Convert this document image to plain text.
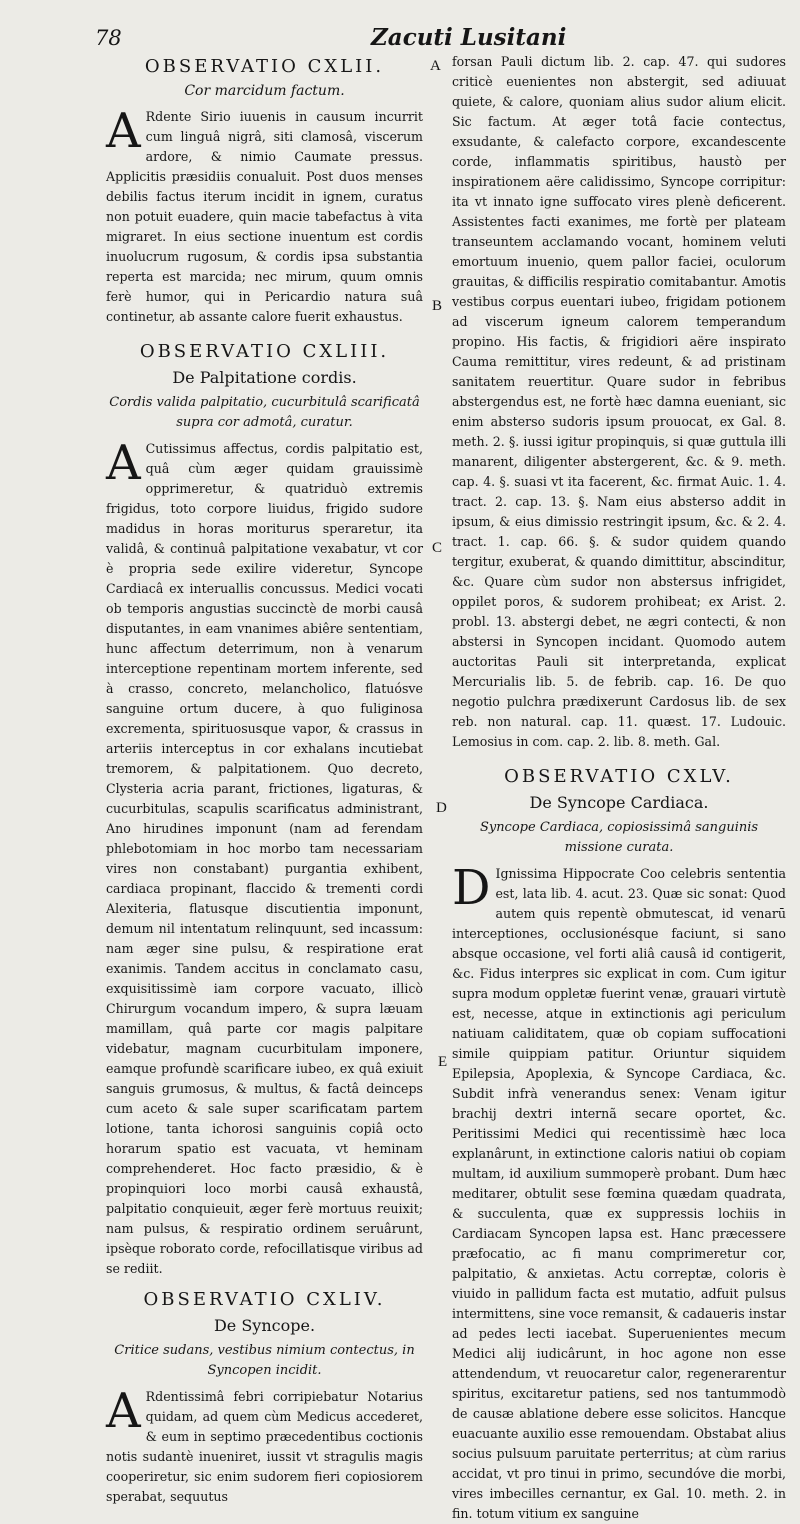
78	Zacuti Lusitani
A
B
C
D
E
OBSERVATIO CXLII.
Cor marcidum factum.

A Rdente Sirio iuuenis in causum incurrit cum linguâ nigrâ, siti clamosâ, viscerum ardore, & nimio Caumate pressus. Applicitis præsidiis conualuit. Post duos menses debilis factus iterum incidit in ignem, curatus non potuit euadere, quin macie tabefactus à vita migraret. In eius sectione inuentum est cordis inuolucrum rugosum, & cordis ipsa substantia reperta est marcida; nec mirum, quum omnis ferè humor, qui in Pericardio natura suâ continetur, ab assante calore fuerit exhaustus.

OBSERVATIO CXLIII.
De Palpitatione cordis.
Cordis valida palpitatio, cucurbitulâ scarificatâ supra cor admotâ, curatur.

A Cutissimus affectus, cordis palpitatio est, quâ cùm æger quidam grauissimè opprimeretur, & quatriduò extremis frigidus, toto corpore liuidus, frigido sudore madidus in horas moriturus speraretur, ita validâ, & continuâ palpitatione vexabatur, vt cor è propria sede exilire videretur, Syncope Cardiacâ ex interuallis concussus. Medici vocati ob temporis angustias succinctè de morbi causâ disputantes, in eam vnanimes abiêre sententiam, hunc affectum deterrimum, non à venarum interceptione repentinam mortem inferente, sed à crasso, concreto, melancholico, flatuósve sanguine ortum ducere, à quo fuliginosa excrementa, spirituosusque vapor, & crassus in arteriis interceptus in cor exhalans incutiebat tremorem, & palpitationem. Quo decreto, Clysteria acria parant, frictiones, ligaturas, & cucurbitulas, scapulis scarificatus administrant, Ano hirudines imponunt (nam ad ferendam phlebotomiam in hoc morbo tam necessariam vires non constabant) purgantia exhibent, cardiaca propinant, flaccido & trementi cordi Alexiteria, flatusque discutientia imponunt, demum nil intentatum relinquunt, sed incassum: nam æger sine pulsu, & respiratione erat exanimis. Tandem accitus in conclamato casu, exquisitissimè iam corpore vacuato, illicò Chirurgum vocandum impero, & supra læuam mamillam, quâ parte cor magis palpitare videbatur, magnam cucurbitulam imponere, eamque profundè scarificare iubeo, ex quâ exiuit sanguis grumosus, & multus, & factâ deinceps cum aceto & sale super scarificatam partem lotione, tanta ichorosi sanguinis copiâ octo horarum spatio est vacuata, vt heminam comprehenderet. Hoc facto præsidio, & è propinquiori loco morbi causâ exhaustâ, palpitatio conquieuit, æger ferè mortuus reuixit; nam pulsus, & respiratio ordinem seruârunt, ipsèque roborato corde, refocillatisque viribus ad se rediit.

OBSERVATIO CXLIV.
De Syncope.
Critice sudans, vestibus nimium contectus, in Syncopen incidit.

A Rdentissimâ febri corripiebatur Notarius quidam, ad quem cùm Medicus accederet, & eum in septimo præcedentibus coctionis notis sudantè inueniret, iussit vt stragulis magis cooperiretur, sic enim sudorem fieri copiosiorem sperabat, sequutus

forsan Pauli dictum lib. 2. cap. 47. qui sudores criticè euenientes non abstergit, sed adiuuat quiete, & calore, quoniam alius sudor alium elicit. Sic factum. At æger totâ facie contectus, exsudante, & calefacto corpore, excandescente corde, inflammatis spiritibus, haustò per inspirationem aëre calidissimo, Syncope corripitur: ita vt innato igne suffocato vires plenè deficerent. Assistentes facti exanimes, me fortè per plateam transeuntem acclamando vocant, hominem veluti emortuum inuenio, quem pallor faciei, oculorum grauitas, & difficilis respiratio comitabantur. Amotis vestibus corpus euentari iubeo, frigidam potionem ad viscerum igneum calorem temperandum propino. His factis, & frigidiori aëre inspirato Cauma remittitur, vires redeunt, & ad pristinam sanitatem reuertitur. Quare sudor in febribus abstergendus est, ne fortè hæc damna eueniant, sic enim absterso sudoris ipsum prouocat, ex Gal. 8. meth. 2. §. iussi igitur propinquis, si quæ guttula illi manarent, diligenter abstergerent, &c. & 9. meth. cap. 4. §. suasi vt ita facerent, &c. firmat Auic. 1. 4. tract. 2. cap. 13. §. Nam eius absterso addit in ipsum, & eius dimissio restringit ipsum, &c. & 2. 4. tract. 1. cap. 66. §. & sudor quidem quando tergitur, exuberat, & quando dimittitur, abscinditur, &c. Quare cùm sudor non abstersus infrigidet, oppilet poros, & sudorem prohibeat; ex Arist. 2. probl. 13. abstergi debet, ne ægri contecti, & non abstersi in Syncopen incidant. Quomodo autem auctoritas Pauli sit interpretanda, explicat Mercurialis lib. 5. de febrib. cap. 16. De quo negotio pulchra prædixerunt Cardosus lib. de sex reb. non natural. cap. 11. quæst. 17. Ludouic. Lemosius in com. cap. 2. lib. 8. meth. Gal.

OBSERVATIO CXLV.
De Syncope Cardiaca.
Syncope Cardiaca, copiosissimâ sanguinis missione curata.

D Ignissima Hippocrate Coo celebris sententia est, lata lib. 4. acut. 23. Quæ sic sonat: Quod autem quis repentè obmutescat, id venarū interceptiones, occlusionésque faciunt, si sano absque occasione, vel forti aliâ causâ id contigerit, &c. Fidus interpres sic explicat in com. Cum igitur supra modum oppletæ fuerint venæ, grauari virtutè est, necesse, atque in extinctionis agi periculum natiuam caliditatem, quæ ob copiam suffocationi simile quippiam patitur. Oriuntur siquidem Epilepsia, Apoplexia, & Syncope Cardiaca, &c. Subdit infrà venerandus senex: Venam igitur brachij dextri internã secare oportet, &c. Peritissimi Medici qui recentissimè hæc loca explanârunt, in extinctione caloris natiui ob copiam multam, id auxilium summoperè probant. Dum hæc meditarer, obtulit sese fœmina quædam quadrata, & succulenta, quæ ex suppressis lochiis in Cardiacam Syncopen lapsa est. Hanc præcessere præfocatio, ac fi manu comprimeretur cor, palpitatio, & anxietas. Actu correptæ, coloris è viuido in pallidum facta est mutatio, adfuit pulsus intermittens, sine voce remansit, & cadaueris instar ad pedes lecti iacebat. Superuenientes mecum Medici alij iudicârunt, in hoc agone non esse attendendum, vt reuocaretur calor, regenerarentur spiritus, excitaretur patiens, sed nos tantummodò de causæ ablatione debere esse solicitos. Hancque euacuante auxilio esse remouendam. Obstabat alius socius pulsuum paruitate perterritus; at cùm rarius accidat, vt pro tinui in primo, secundóve die morbi, vires imbecilles cernantur, ex Gal. 10. meth. 2. in fin. totum vitium ex sanguine
